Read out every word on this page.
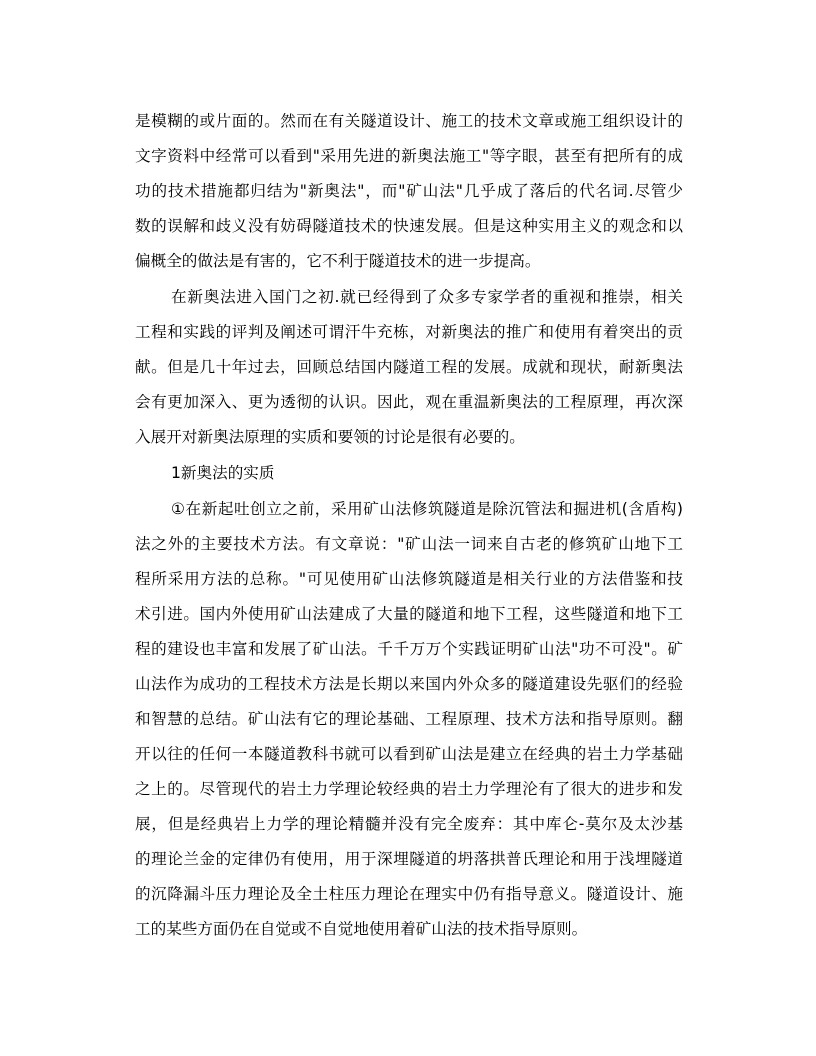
是模糊的或片面的。然而在有关隧道设计、施工的技术文章或施工组织设计的
文字资料中经常可以看到"采用先进的新奥法施工"等字眼，甚至有把所有的成
功的技术措施都归结为"新奥法"，而"矿山法"几乎成了落后的代名词.尽管少
数的误解和歧义没有妨碍隧道技术的快速发展。但是这种实用主义的观念和以
偏概全的做法是有害的，它不利于隧道技术的进一步提高。
在新奥法进入国门之初.就已经得到了众多专家学者的重视和推崇，相关
工程和实践的评判及阐述可谓汗牛充栋，对新奥法的推广和使用有着突出的贡
献。但是几十年过去，回顾总结国内隧道工程的发展。成就和现状，耐新奥法
会有更加深入、更为透彻的认识。因此，观在重温新奥法的工程原理，再次深
入展开对新奥法原理的实质和要领的讨论是很有必要的。
1新奥法的实质
①在新起吐创立之前，采用矿山法修筑隧道是除沉管法和掘进机(含盾构)
法之外的主要技术方法。有文章说："矿山法一词来自古老的修筑矿山地下工
程所采用方法的总称。"可见使用矿山法修筑隧道是相关行业的方法借鉴和技
术引进。国内外使用矿山法建成了大量的隧道和地下工程，这些隧道和地下工
程的建设也丰富和发展了矿山法。千千万万个实践证明矿山法"功不可没"。矿
山法作为成功的工程技术方法是长期以来国内外众多的隧道建设先驱们的经验
和智慧的总结。矿山法有它的理论基础、工程原理、技术方法和指导原则。翻
开以往的任何一本隧道教科书就可以看到矿山法是建立在经典的岩土力学基础
之上的。尽管现代的岩土力学理论较经典的岩土力学理沦有了很大的进步和发
展，但是经典岩上力学的理论精髓并没有完全废弃：其中库仑-莫尔及太沙基
的理论兰金的定律仍有使用，用于深埋隧道的坍落拱普氏理论和用于浅埋隧道
的沉降漏斗压力理论及全土柱压力理论在理实中仍有指导意义。隧道设计、施
工的某些方面仍在自觉或不自觉地使用着矿山法的技术指导原则。
